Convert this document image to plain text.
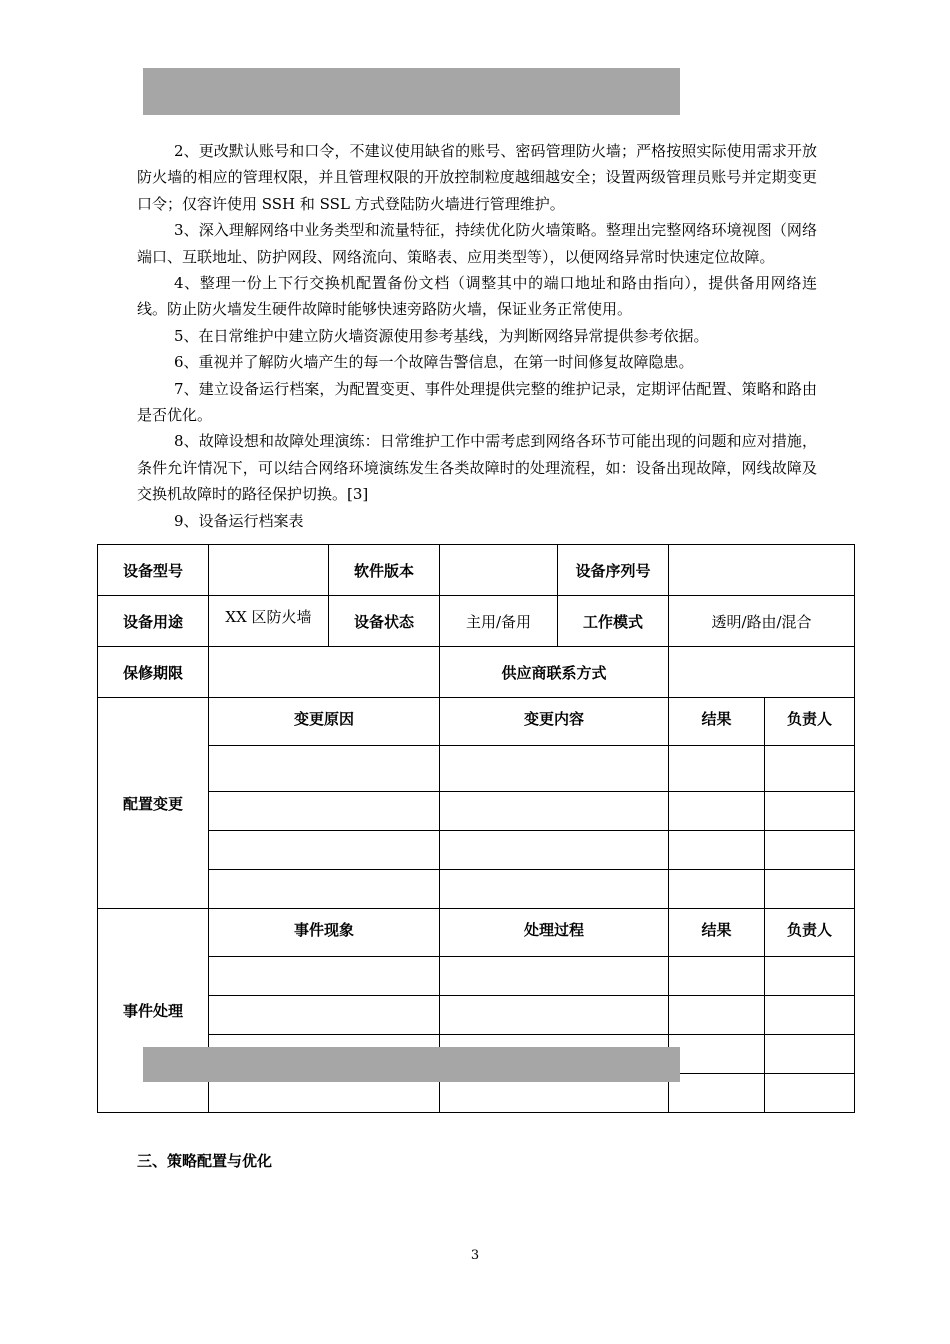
2、更改默认账号和口令，不建议使用缺省的账号、密码管理防火墙；严格按照实际使用需求开放防火墙的相应的管理权限，并且管理权限的开放控制粒度越细越安全；设置两级管理员账号并定期变更口令；仅容许使用 SSH 和 SSL 方式登陆防火墙进行管理维护。

3、深入理解网络中业务类型和流量特征，持续优化防火墙策略。整理出完整网络环境视图（网络端口、互联地址、防护网段、网络流向、策略表、应用类型等），以便网络异常时快速定位故障。

4、整理一份上下行交换机配置备份文档（调整其中的端口地址和路由指向），提供备用网络连线。防止防火墙发生硬件故障时能够快速旁路防火墙，保证业务正常使用。

5、在日常维护中建立防火墙资源使用参考基线，为判断网络异常提供参考依据。

6、重视并了解防火墙产生的每一个故障告警信息，在第一时间修复故障隐患。

7、建立设备运行档案，为配置变更、事件处理提供完整的维护记录，定期评估配置、策略和路由是否优化。

8、故障设想和故障处理演练：日常维护工作中需考虑到网络各环节可能出现的问题和应对措施，条件允许情况下，可以结合网络环境演练发生各类故障时的处理流程，如：设备出现故障，网线故障及交换机故障时的路径保护切换。[3]

9、设备运行档案表

设备型号		软件版本		设备序列号		
设备用途	XX 区防火墙	设备状态	主用/备用	工作模式	透明/路由/混合	
保修期限			供应商联系方式			
配置变更	变更原因		变更内容		结果	负责人

事件处理	事件现象		处理过程		结果	负责人

三、策略配置与优化
3
